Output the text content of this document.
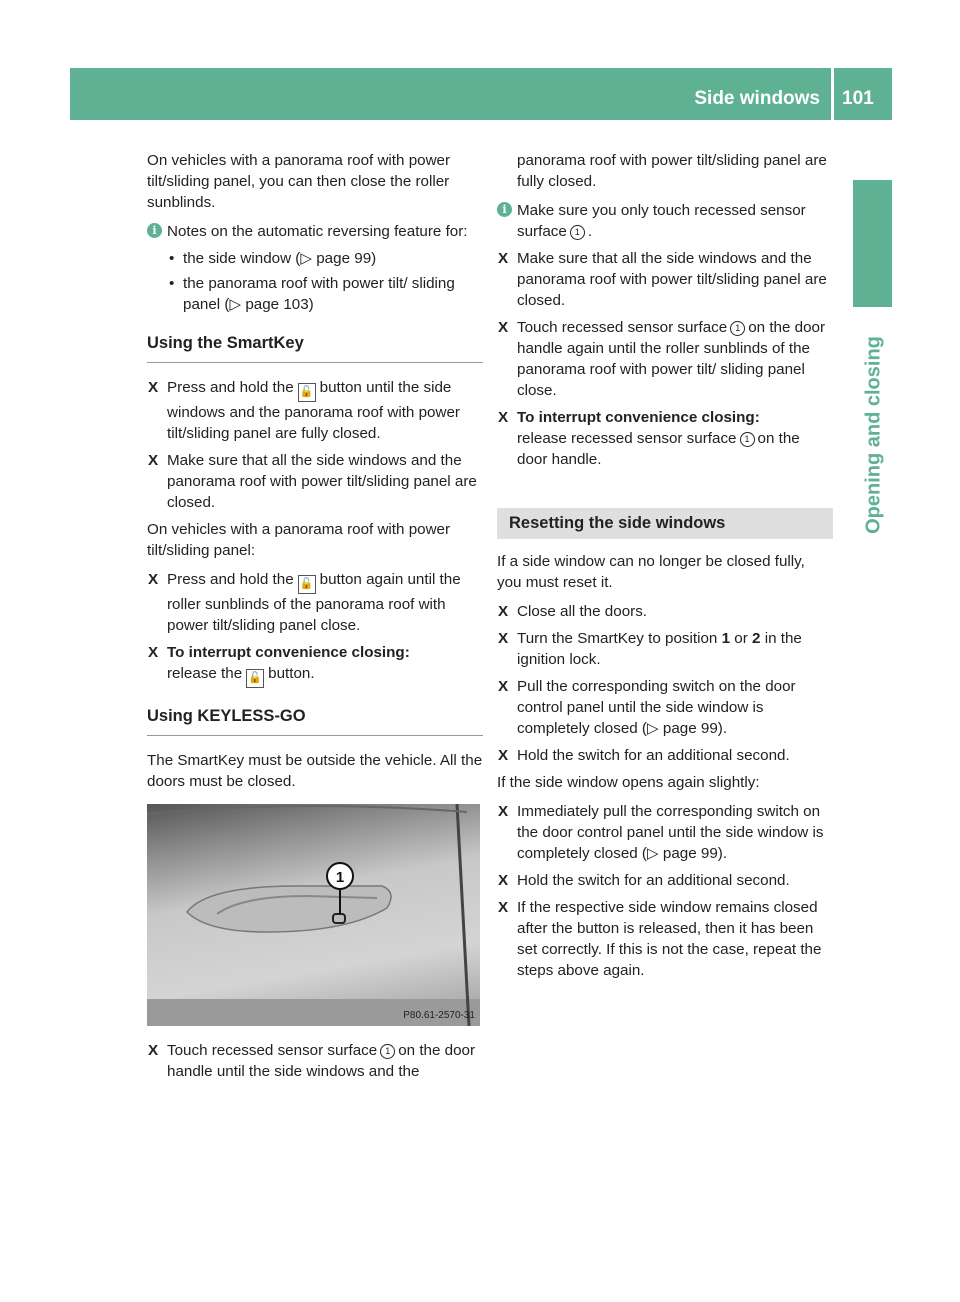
Side windows 101
Opening and closing

On vehicles with a panorama roof with power tilt/sliding panel, you can then close the roller sunblinds.

i Notes on the automatic reversing feature for:
• the side window (▷ page 99)
• the panorama roof with power tilt/ sliding panel (▷ page 103)
Using the SmartKey
X Press and hold the 🔓 button until the side windows and the panorama roof with power tilt/sliding panel are fully closed.
X Make sure that all the side windows and the panorama roof with power tilt/sliding panel are closed.

On vehicles with a panorama roof with power tilt/sliding panel:

X Press and hold the 🔓 button again until the roller sunblinds of the panorama roof with power tilt/sliding panel close.
X To interrupt convenience closing:
release the 🔓 button.
Using KEYLESS-GO

The SmartKey must be outside the vehicle. All the doors must be closed.

1
P80.61-2570-31
X Touch recessed sensor surface 1 on the door handle until the side windows and the

panorama roof with power tilt/sliding panel are fully closed.

i Make sure you only touch recessed sensor surface 1 .
X Make sure that all the side windows and the panorama roof with power tilt/sliding panel are closed.
X Touch recessed sensor surface 1 on the door handle again until the roller sunblinds of the panorama roof with power tilt/ sliding panel close.
X To interrupt convenience closing:
release recessed sensor surface 1 on the door handle.
Resetting the side windows

If a side window can no longer be closed fully, you must reset it.

X Close all the doors.
X Turn the SmartKey to position 1 or 2 in the ignition lock.
X Pull the corresponding switch on the door control panel until the side window is completely closed (▷ page 99).
X Hold the switch for an additional second.

If the side window opens again slightly:

X Immediately pull the corresponding switch on the door control panel until the side window is completely closed (▷ page 99).
X Hold the switch for an additional second.
X If the respective side window remains closed after the button is released, then it has been set correctly. If this is not the case, repeat the steps above again.
